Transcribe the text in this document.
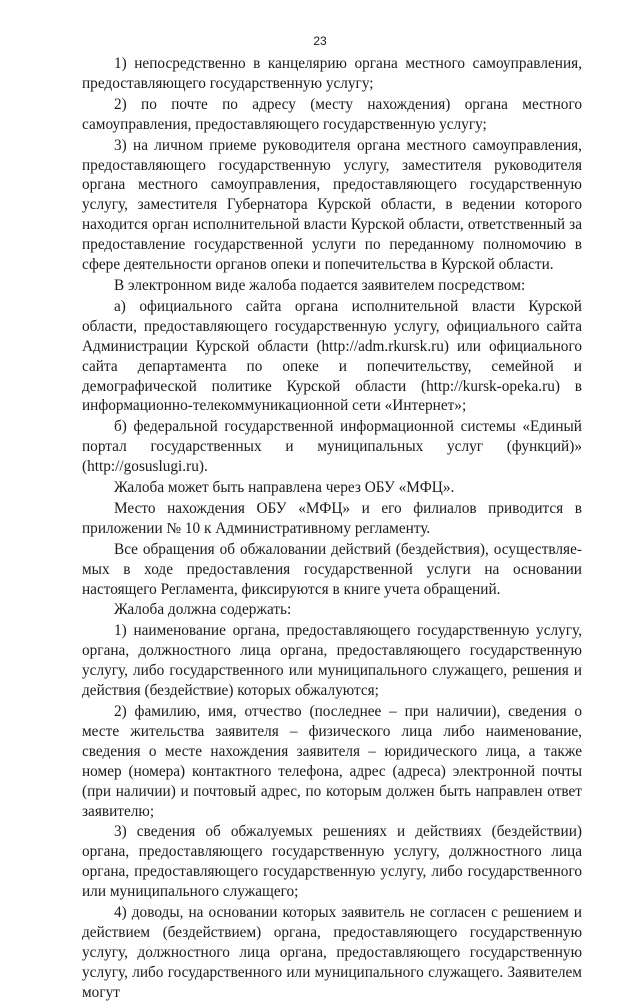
23

1) непосредственно в канцелярию органа местного самоуправления, предоставляющего государственную услугу;

2) по почте по адресу (месту нахождения) органа местного самоуправления, предоставляющего государственную услугу;

3) на личном приеме руководителя органа местного самоуправления, предоставляющего государственную услугу, заместителя руководителя органа местного самоуправления, предоставляющего государственную услугу, заместителя Губернатора Курской области, в ведении которого находится орган исполнительной власти Курской области, ответственный за предоставление государственной услуги по переданному полномочию в сфере деятельности органов опеки и попечительства в Курской области.

В электронном виде жалоба подается заявителем посредством:

а) официального сайта органа исполнительной власти Курской области, предоставляющего государственную услугу, официального сайта Администрации Курской области (http://adm.rkursk.ru) или официального сайта департамента по опеке и попечительству, семейной и демографической политике Курской области (http://kursk-opeka.ru) в информационно-телекоммуникационной сети «Интернет»;

б) федеральной государственной информационной системы «Единый портал государственных и муниципальных услуг (функций)» (http://gosuslugi.ru).

Жалоба может быть направлена через ОБУ «МФЦ».

Место нахождения ОБУ «МФЦ» и его филиалов приводится в приложении № 10 к Административному регламенту.

Все обращения об обжаловании действий (бездействия), осуществляемых в ходе предоставления государственной услуги на основании настоящего Регламента, фиксируются в книге учета обращений.

Жалоба должна содержать:

1) наименование органа, предоставляющего государственную услугу, органа, должностного лица органа, предоставляющего государственную услугу, либо государственного или муниципального служащего, решения и действия (бездействие) которых обжалуются;

2) фамилию, имя, отчество (последнее – при наличии), сведения о месте жительства заявителя – физического лица либо наименование, сведения о месте нахождения заявителя – юридического лица, а также номер (номера) контактного телефона, адрес (адреса) электронной почты (при наличии) и почтовый адрес, по которым должен быть направлен ответ заявителю;

3) сведения об обжалуемых решениях и действиях (бездействии) органа, предоставляющего государственную услугу, должностного лица органа, предоставляющего государственную услугу, либо государственного или муниципального служащего;

4) доводы, на основании которых заявитель не согласен с решением и действием (бездействием) органа, предоставляющего государственную услугу, должностного лица органа, предоставляющего государственную услугу, либо государственного или муниципального служащего. Заявителем могут
